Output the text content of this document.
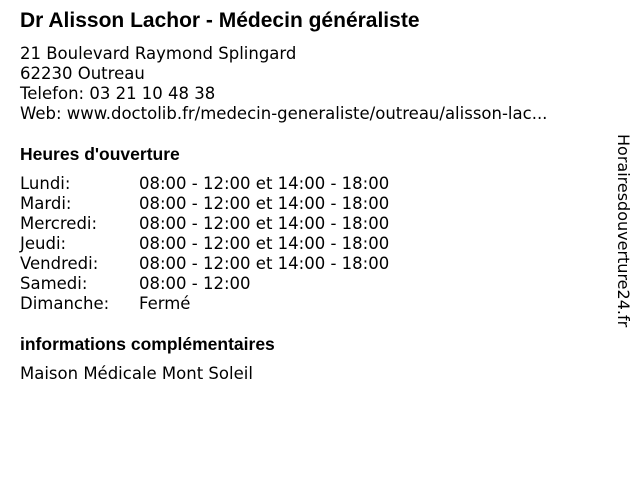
Dr Alisson Lachor - Médecin généraliste
21 Boulevard Raymond Splingard
62230 Outreau
Telefon: 03 21 10 48 38
Web: www.doctolib.fr/medecin-generaliste/outreau/alisson-lac...
Heures d'ouverture
Lundi:	08:00 - 12:00 et 14:00 - 18:00
Mardi:	08:00 - 12:00 et 14:00 - 18:00
Mercredi:	08:00 - 12:00 et 14:00 - 18:00
Jeudi:	08:00 - 12:00 et 14:00 - 18:00
Vendredi: 08:00 - 12:00 et 14:00 - 18:00
Samedi:	08:00 - 12:00
Dimanche: Fermé
informations complémentaires
Maison Médicale Mont Soleil
Horairesdouverture24.fr
